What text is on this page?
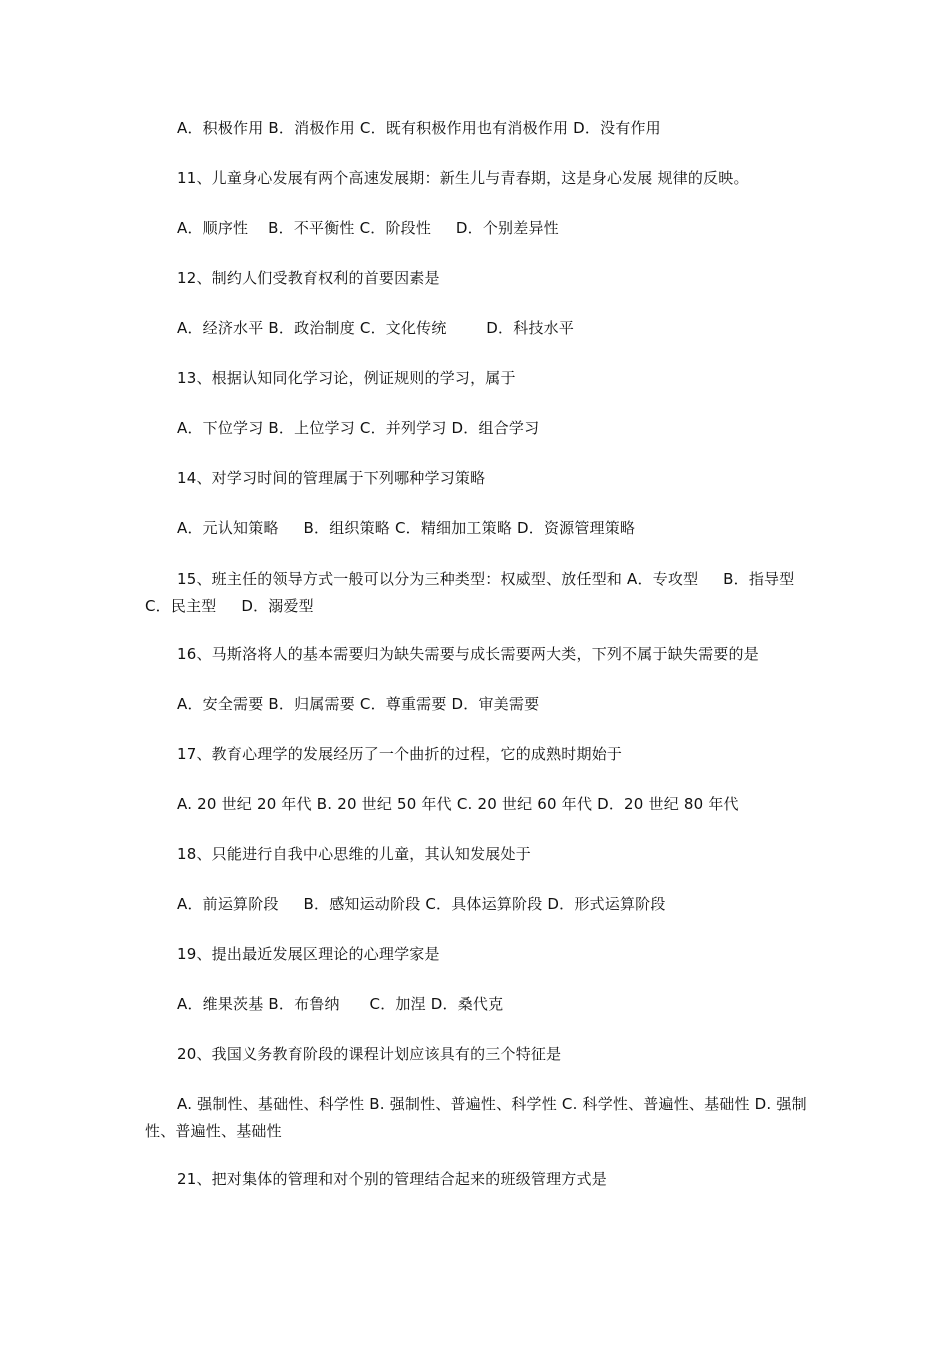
A．积极作用 B．消极作用 C．既有积极作用也有消极作用 D．没有作用
11、儿童身心发展有两个高速发展期：新生儿与青春期，这是身心发展 规律的反映。
A．顺序性    B．不平衡性 C．阶段性     D．个别差异性
12、制约人们受教育权利的首要因素是
A．经济水平 B．政治制度 C．文化传统        D．科技水平
13、根据认知同化学习论，例证规则的学习，属于
A．下位学习 B．上位学习 C．并列学习 D．组合学习
14、对学习时间的管理属于下列哪种学习策略
A．元认知策略     B．组织策略 C．精细加工策略 D．资源管理策略
15、班主任的领导方式一般可以分为三种类型：权威型、放任型和 A．专攻型     B．指导型   C．民主型     D．溺爱型
16、马斯洛将人的基本需要归为缺失需要与成长需要两大类，下列不属于缺失需要的是
A．安全需要 B．归属需要 C．尊重需要 D．审美需要
17、教育心理学的发展经历了一个曲折的过程，它的成熟时期始于
A. 20 世纪 20 年代 B. 20 世纪 50 年代 C. 20 世纪 60 年代 D．20 世纪 80 年代
18、只能进行自我中心思维的儿童，其认知发展处于
A．前运算阶段     B．感知运动阶段 C．具体运算阶段 D．形式运算阶段
19、提出最近发展区理论的心理学家是
A．维果茨基 B．布鲁纳      C．加涅 D．桑代克
20、我国义务教育阶段的课程计划应该具有的三个特征是
A. 强制性、基础性、科学性 B. 强制性、普遍性、科学性 C. 科学性、普遍性、基础性 D. 强制性、普遍性、基础性
21、把对集体的管理和对个别的管理结合起来的班级管理方式是
